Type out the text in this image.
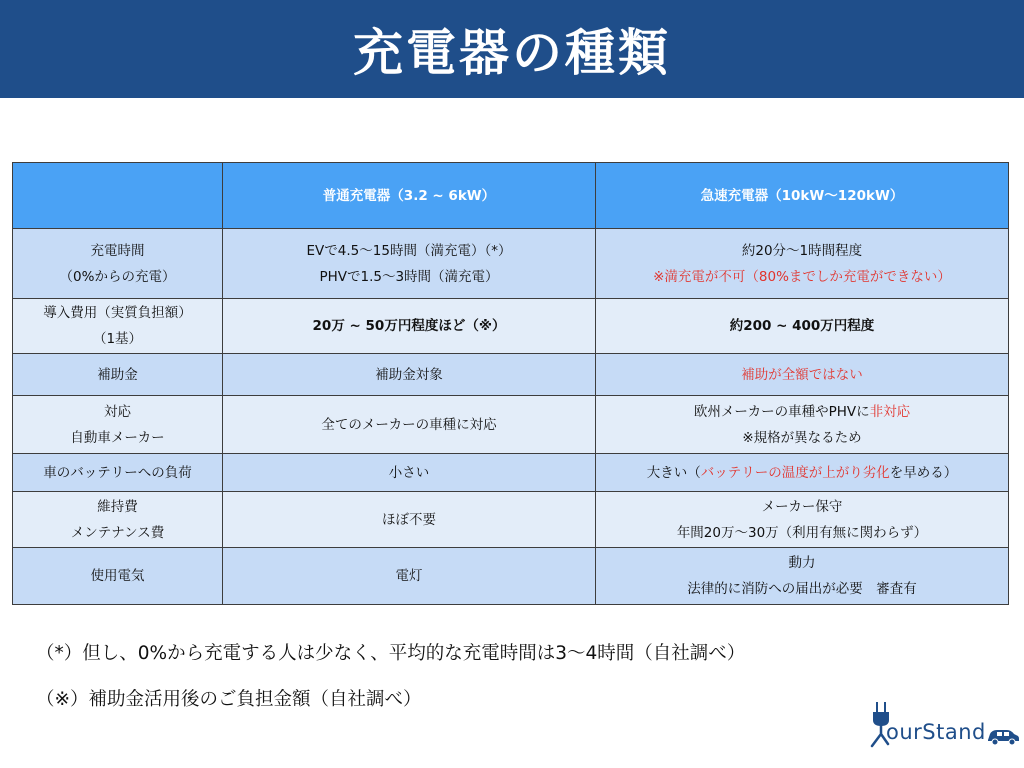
充電器の種類
	普通充電器（3.2 ~ 6kW）	急速充電器（10kW〜120kW）

充電時間
（0%からの充電）	EVで4.5〜15時間（満充電）（*）
PHVで1.5〜3時間（満充電）	約20分〜1時間程度
※満充電が不可（80%までしか充電ができない）

導入費用（実質負担額）
（1基）	20万 ~ 50万円程度ほど（※）	約200 ~ 400万円程度
補助金	補助金対象	補助が全額ではない

対応
自動車メーカー	全てのメーカーの車種に対応	欧州メーカーの車種やPHVに非対応
※規格が異なるため

車のバッテリーへの負荷	小さい	大きい（バッテリーの温度が上がり劣化を早める）

維持費
メンテナンス費	ほぼ不要	メーカー保守
年間20万〜30万（利用有無に関わらず）

使用電気	電灯	動力
法律的に消防への届出が必要　審査有

（*）但し、0%から充電する人は少なく、平均的な充電時間は3〜4時間（自社調べ）

（※）補助金活用後のご負担金額（自社調べ）

ourStand
